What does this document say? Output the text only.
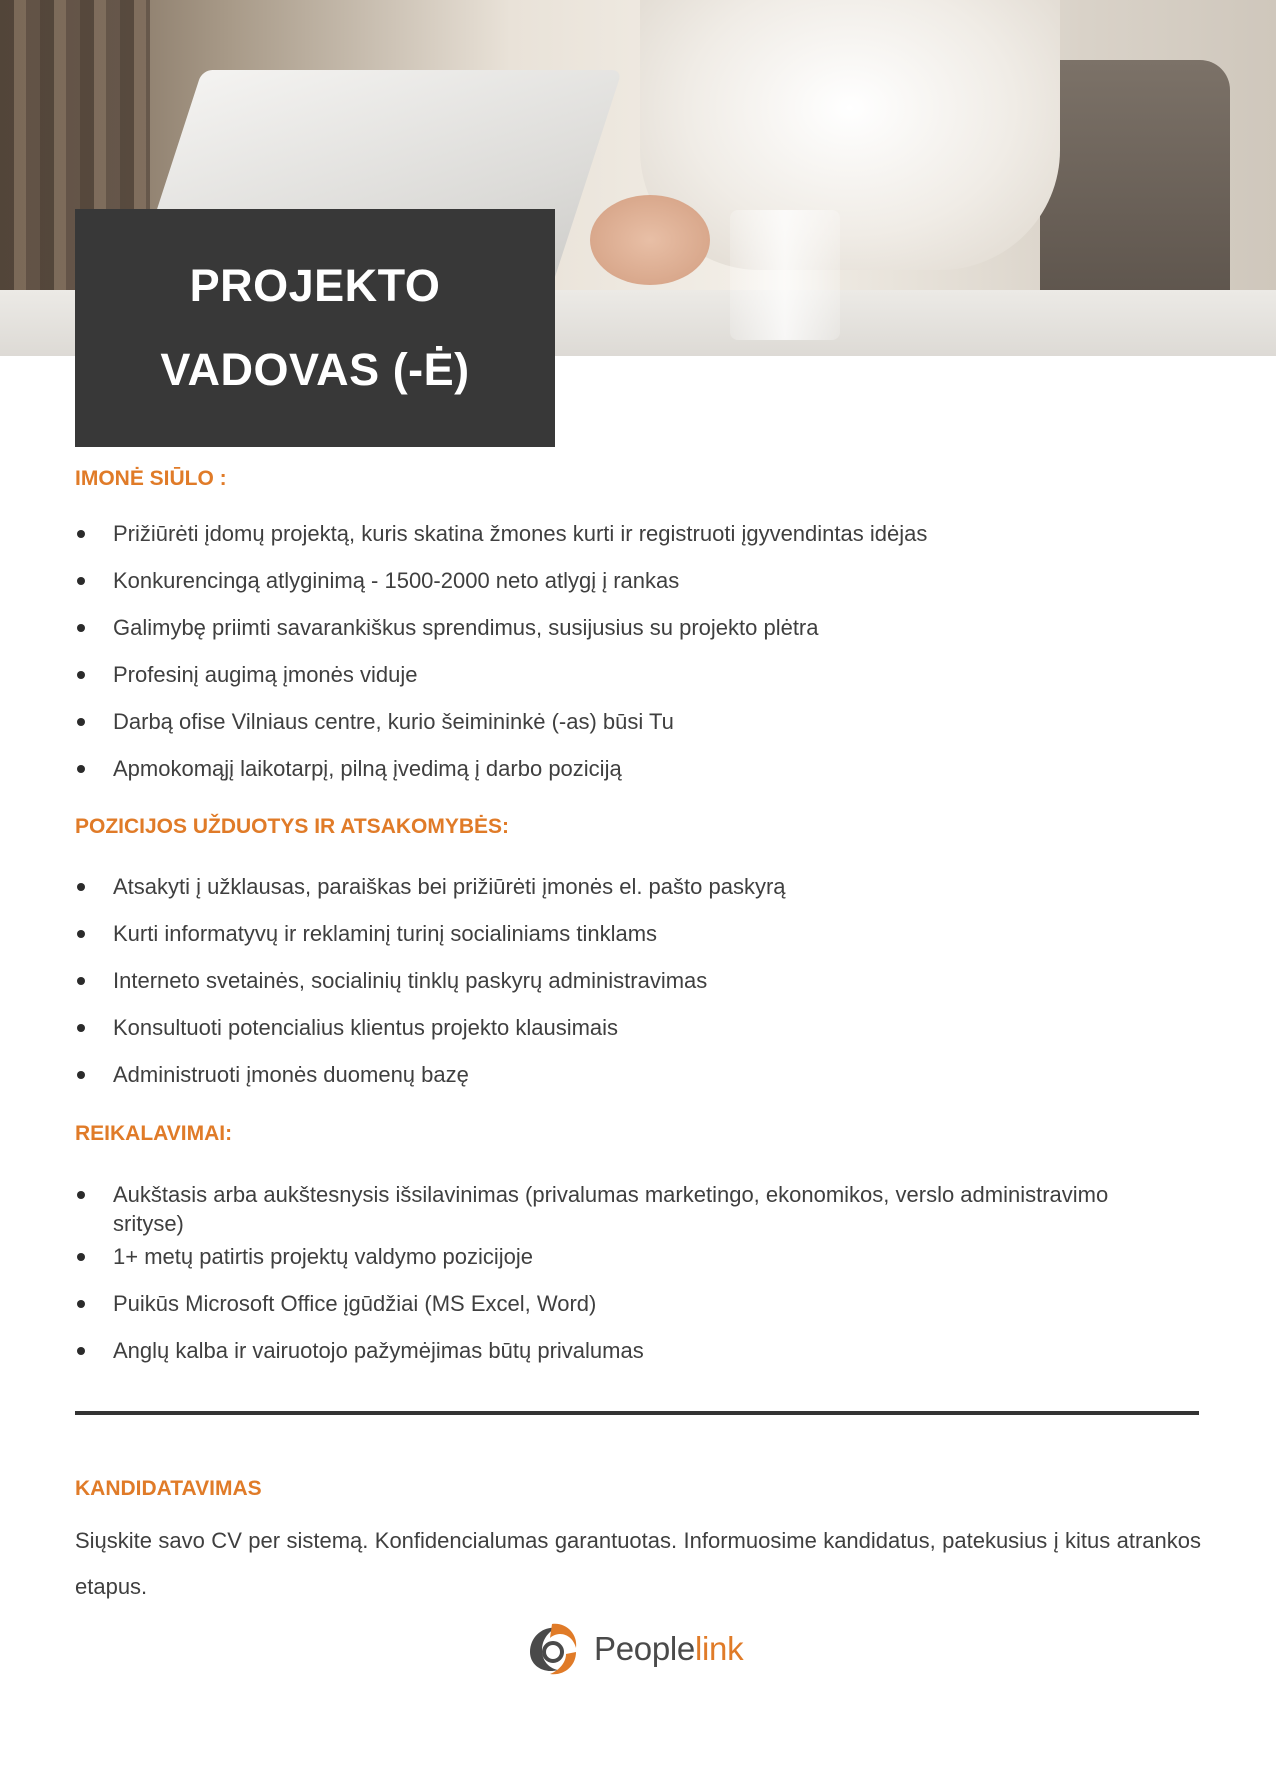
PROJEKTO
VADOVAS (-Ė)
IMONĖ SIŪLO :
Prižiūrėti įdomų projektą, kuris skatina žmones kurti ir registruoti įgyvendintas idėjas
Konkurencingą atlyginimą - 1500-2000 neto atlygį į rankas
Galimybę priimti savarankiškus sprendimus, susijusius su projekto plėtra
Profesinį augimą įmonės viduje
Darbą ofise Vilniaus centre, kurio šeimininkė (-as) būsi Tu
Apmokomąjį laikotarpį, pilną įvedimą į darbo poziciją
POZICIJOS UŽDUOTYS IR ATSAKOMYBĖS:
Atsakyti į užklausas, paraiškas bei prižiūrėti įmonės el. pašto paskyrą
Kurti informatyvų ir reklaminį turinį socialiniams tinklams
Interneto svetainės, socialinių tinklų paskyrų administravimas
Konsultuoti potencialius klientus projekto klausimais
Administruoti įmonės duomenų bazę
REIKALAVIMAI:
Aukštasis arba aukštesnysis išsilavinimas (privalumas marketingo, ekonomikos, verslo administravimo srityse)
1+ metų patirtis projektų valdymo pozicijoje
Puikūs Microsoft Office įgūdžiai (MS Excel, Word)
Anglų kalba ir vairuotojo pažymėjimas būtų privalumas
KANDIDATAVIMAS

Siųskite savo CV per sistemą. Konfidencialumas garantuotas. Informuosime kandidatus, patekusius į kitus atrankos etapus.

Peoplelink
